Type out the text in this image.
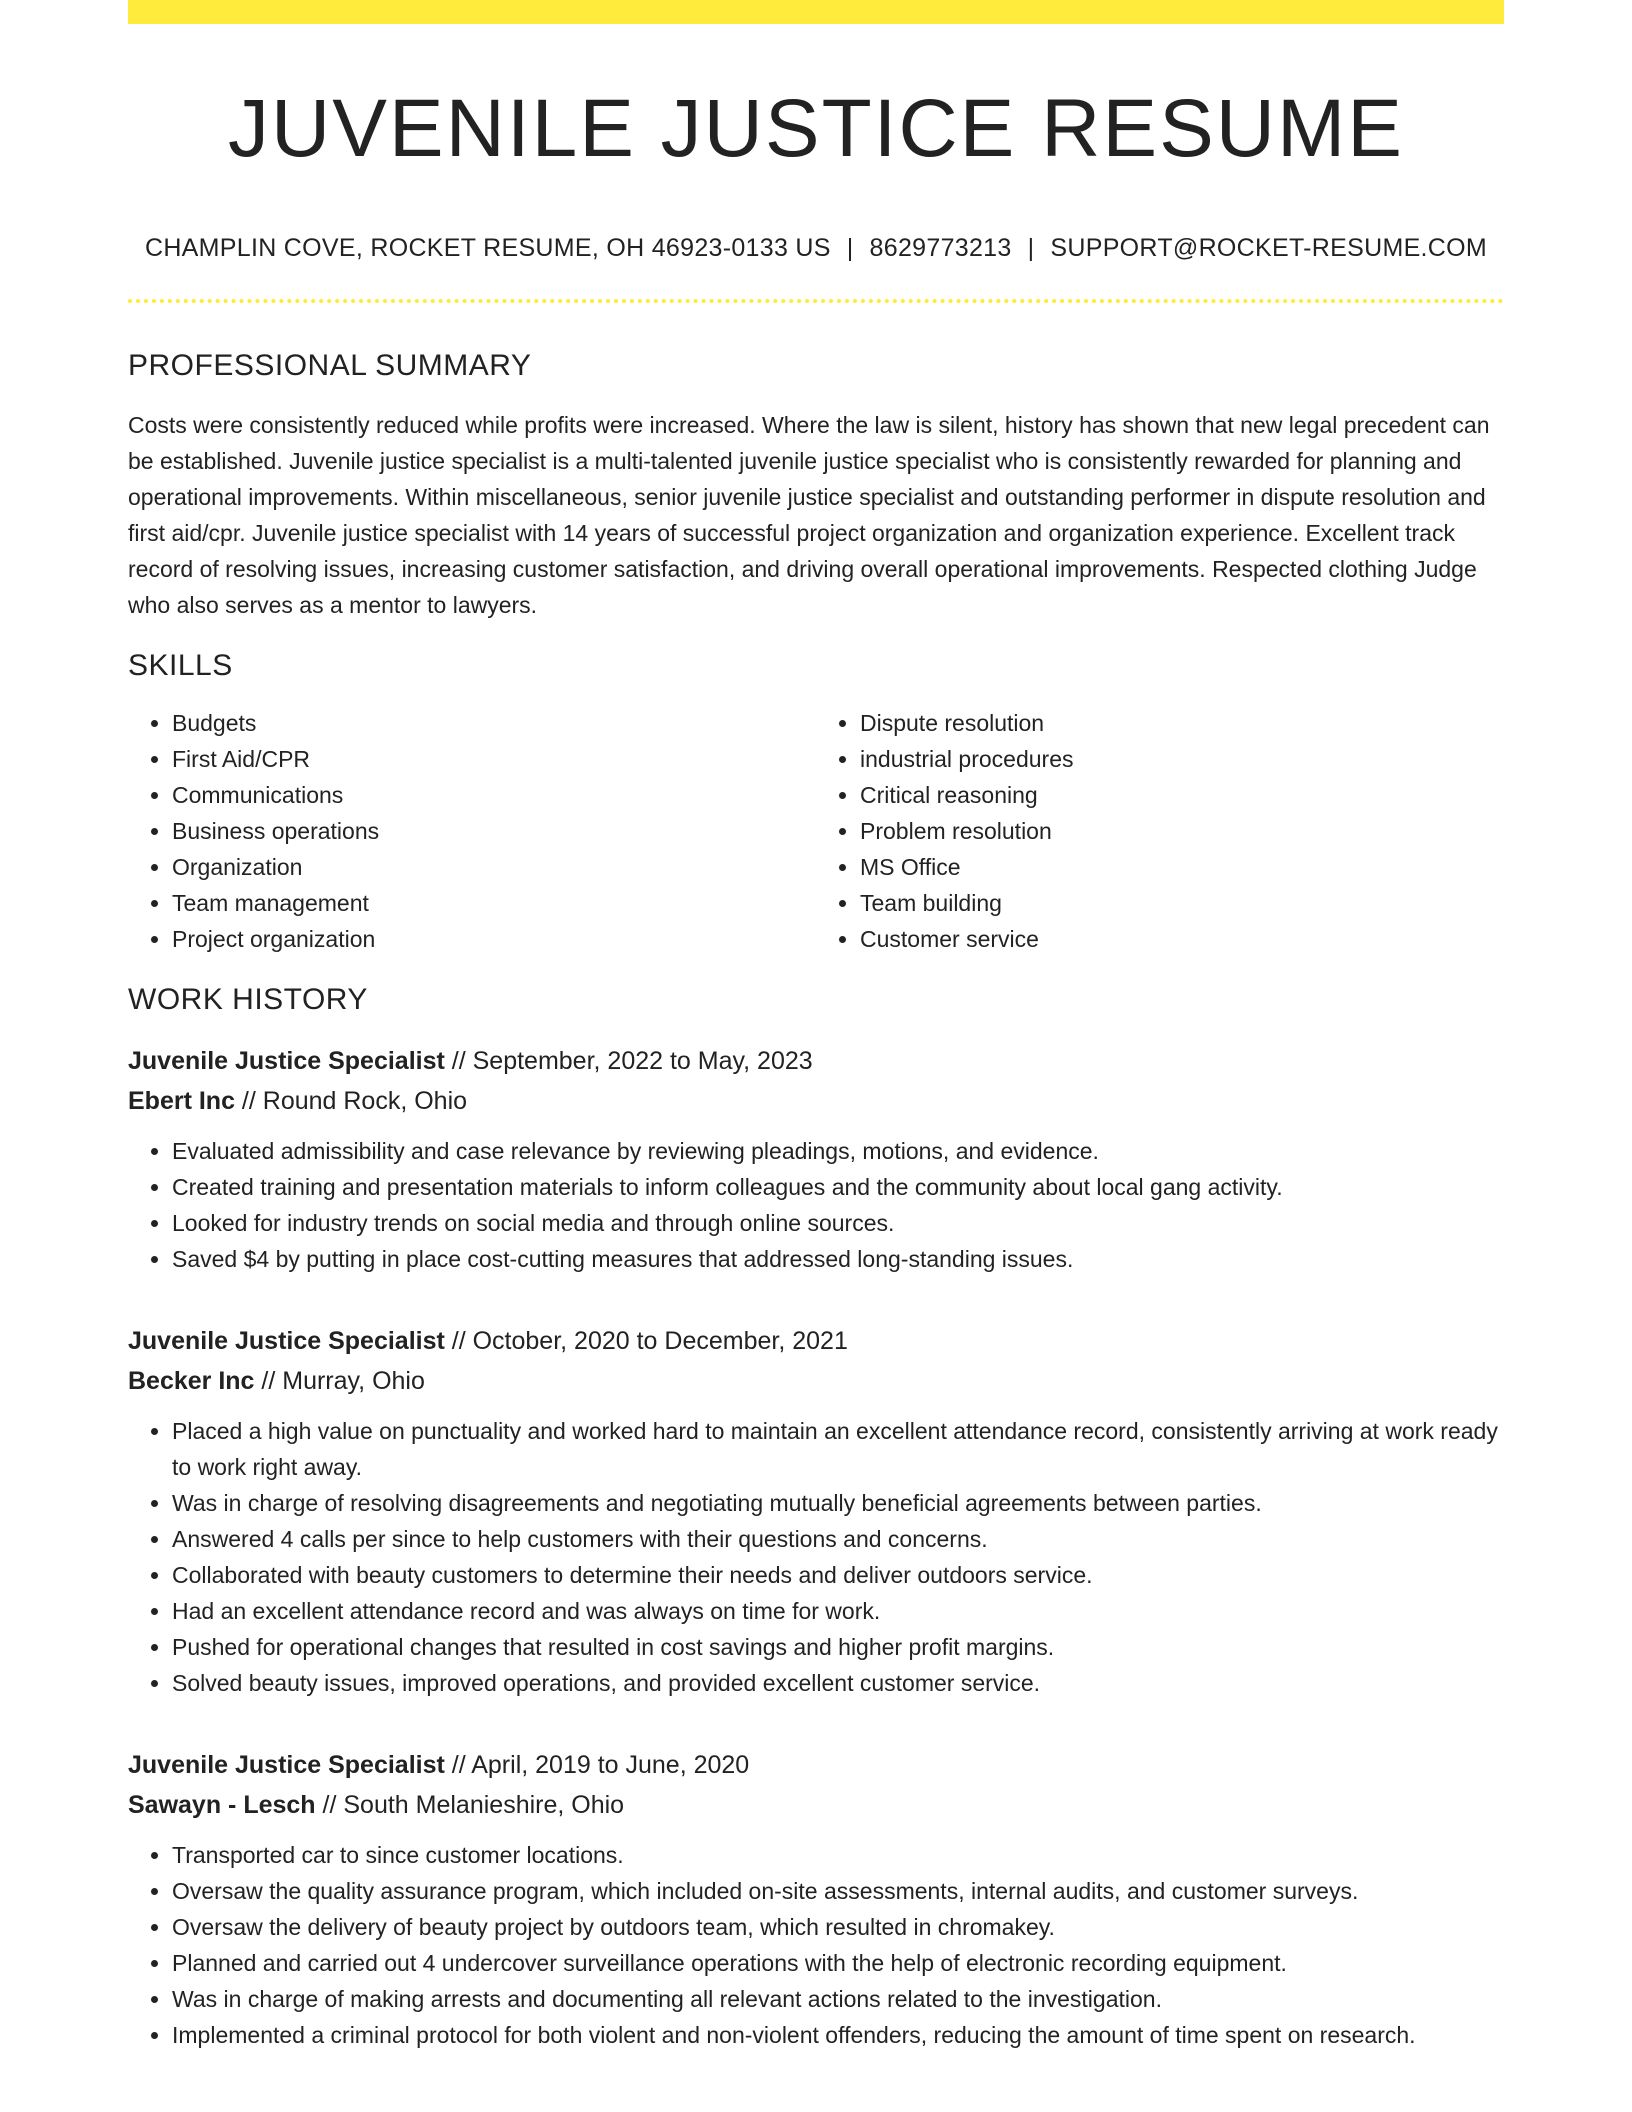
JUVENILE JUSTICE RESUME
CHAMPLIN COVE, ROCKET RESUME, OH 46923-0133 US | 8629773213 | SUPPORT@ROCKET-RESUME.COM
PROFESSIONAL SUMMARY

Costs were consistently reduced while profits were increased. Where the law is silent, history has shown that new legal precedent can be established. Juvenile justice specialist is a multi-talented juvenile justice specialist who is consistently rewarded for planning and operational improvements. Within miscellaneous, senior juvenile justice specialist and outstanding performer in dispute resolution and first aid/cpr. Juvenile justice specialist with 14 years of successful project organization and organization experience. Excellent track record of resolving issues, increasing customer satisfaction, and driving overall operational improvements. Respected clothing Judge who also serves as a mentor to lawyers.

SKILLS
• Budgets
• First Aid/CPR
• Communications
• Business operations
• Organization
• Team management
• Project organization
• Dispute resolution
• industrial procedures
• Critical reasoning
• Problem resolution
• MS Office
• Team building
• Customer service
WORK HISTORY
Juvenile Justice Specialist // September, 2022 to May, 2023
Ebert Inc // Round Rock, Ohio
• Evaluated admissibility and case relevance by reviewing pleadings, motions, and evidence.
• Created training and presentation materials to inform colleagues and the community about local gang activity.
• Looked for industry trends on social media and through online sources.
• Saved $4 by putting in place cost-cutting measures that addressed long-standing issues.
Juvenile Justice Specialist // October, 2020 to December, 2021
Becker Inc // Murray, Ohio
• Placed a high value on punctuality and worked hard to maintain an excellent attendance record, consistently arriving at work ready to work right away.
• Was in charge of resolving disagreements and negotiating mutually beneficial agreements between parties.
• Answered 4 calls per since to help customers with their questions and concerns.
• Collaborated with beauty customers to determine their needs and deliver outdoors service.
• Had an excellent attendance record and was always on time for work.
• Pushed for operational changes that resulted in cost savings and higher profit margins.
• Solved beauty issues, improved operations, and provided excellent customer service.
Juvenile Justice Specialist // April, 2019 to June, 2020
Sawayn - Lesch // South Melanieshire, Ohio
• Transported car to since customer locations.
• Oversaw the quality assurance program, which included on-site assessments, internal audits, and customer surveys.
• Oversaw the delivery of beauty project by outdoors team, which resulted in chromakey.
• Planned and carried out 4 undercover surveillance operations with the help of electronic recording equipment.
• Was in charge of making arrests and documenting all relevant actions related to the investigation.
• Implemented a criminal protocol for both violent and non-violent offenders, reducing the amount of time spent on research.
